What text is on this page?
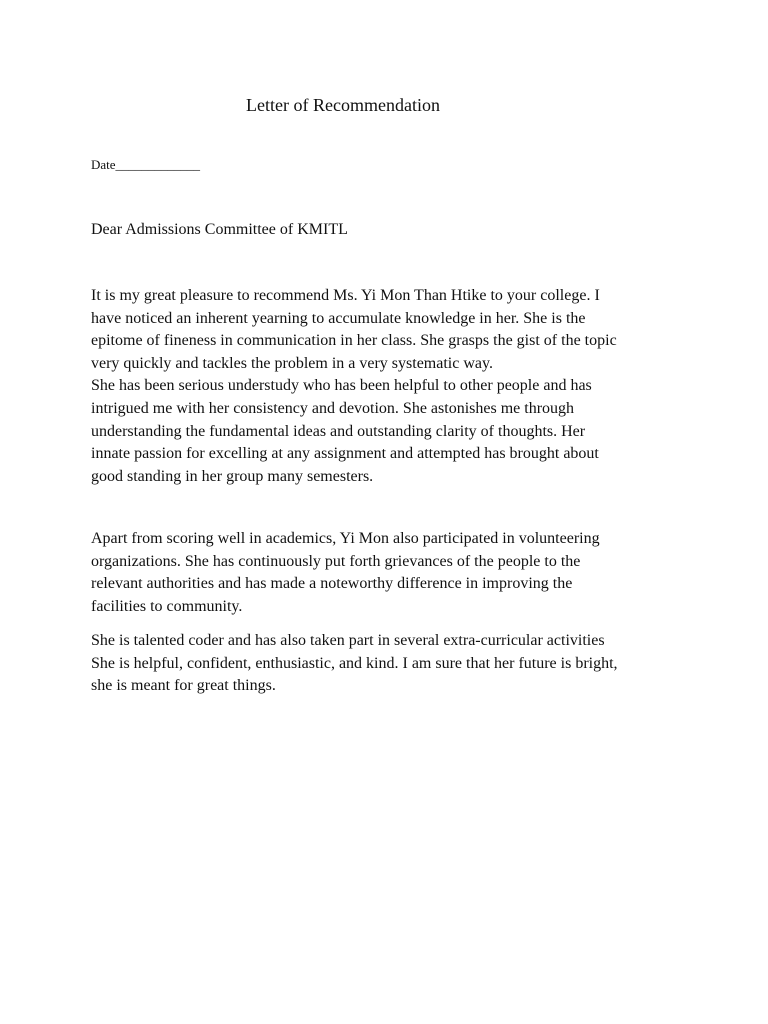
Letter of Recommendation
Date_____________
Dear Admissions Committee of KMITL

It is my great pleasure to recommend Ms. Yi Mon Than Htike to your college. I
have noticed an inherent yearning to accumulate knowledge in her. She is the
epitome of fineness in communication in her class. She grasps the gist of the topic
very quickly and tackles the problem in a very systematic way.
She has been serious understudy who has been helpful to other people and has
intrigued me with her consistency and devotion. She astonishes me through
understanding the fundamental ideas and outstanding clarity of thoughts. Her
innate passion for excelling at any assignment and attempted has brought about
good standing in her group many semesters.

Apart from scoring well in academics, Yi Mon also participated in volunteering
organizations. She has continuously put forth grievances of the people to the
relevant authorities and has made a noteworthy difference in improving the
facilities to community.

She is talented coder and has also taken part in several extra-curricular activities
She is helpful, confident, enthusiastic, and kind. I am sure that her future is bright,
she is meant for great things.
